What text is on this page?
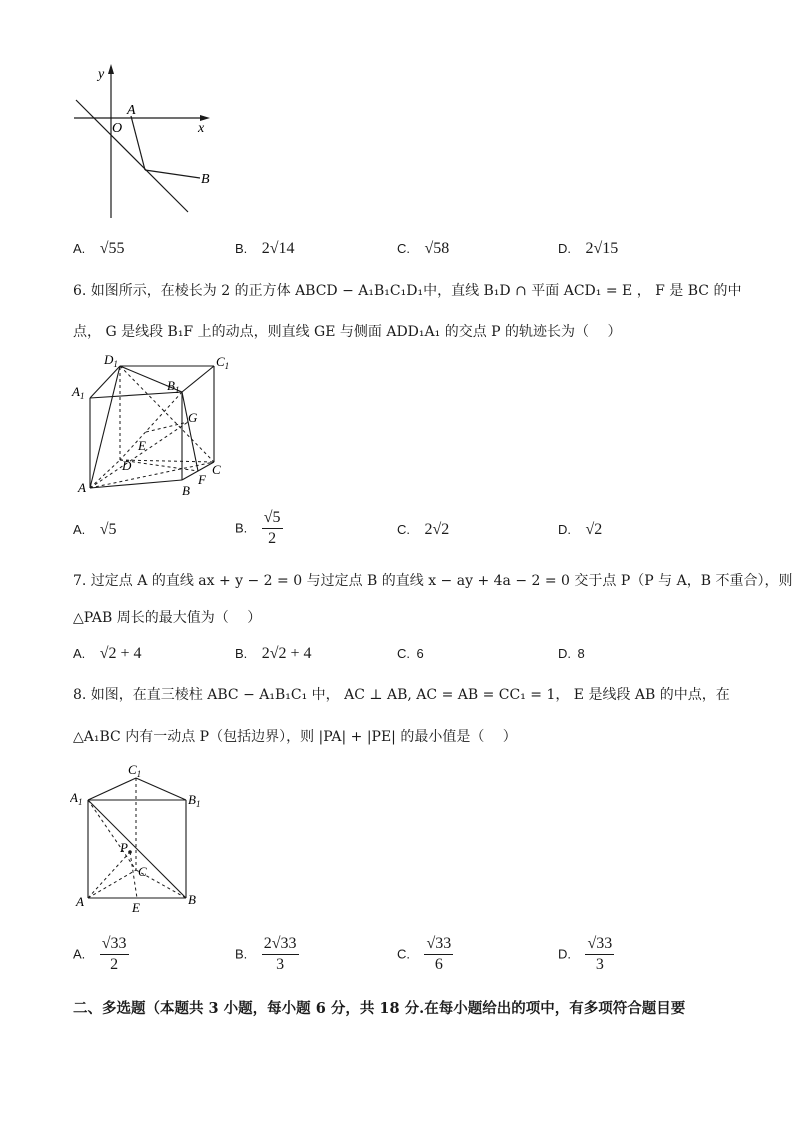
y
x
O
A
B
A. √55	B. 2√14	C. √58	D. 2√15
6. 如图所示，在棱长为 2 的正方体 ABCD − A₁B₁C₁D₁中，直线 B₁D ∩ 平面 ACD₁ = E ， F 是 BC 的中
点， G 是线段 B₁F 上的动点，则直线 GE 与侧面 ADD₁A₁ 的交点 P 的轨迹长为（　 ）
$D_1$	$C_1$
$A_1$
$B_1$
G
E
D	C
A
F
B
A. √5	B. $\frac{√5}{2}$	C. 2√2	D. √2
7. 过定点 A 的直线 ax + y − 2 = 0 与过定点 B 的直线 x − ay + 4a − 2 = 0 交于点 P（P 与 A，B 不重合），则
△PAB 周长的最大值为（　 ）
A. √2 + 4	B. 2√2 + 4	C. 6	D. 8
8. 如图，在直三棱柱 ABC − A₁B₁C₁ 中， AC ⊥ AB, AC = AB = CC₁ = 1， E 是线段 AB 的中点，在
△A₁BC 内有一动点 P（包括边界），则 |PA| + |PE| 的最小值是（　 ）
$C_1$
$A_1$	$B_1$
P
C
A	E
B
A. $\frac{√33}{2}$	B. $\frac{2√33}{3}$	C. $\frac{√33}{6}$	D. $\frac{√33}{3}$
二、多选题（本题共 3 小题，每小题 6 分，共 18 分.在每小题给出的项中，有多项符合题目要
